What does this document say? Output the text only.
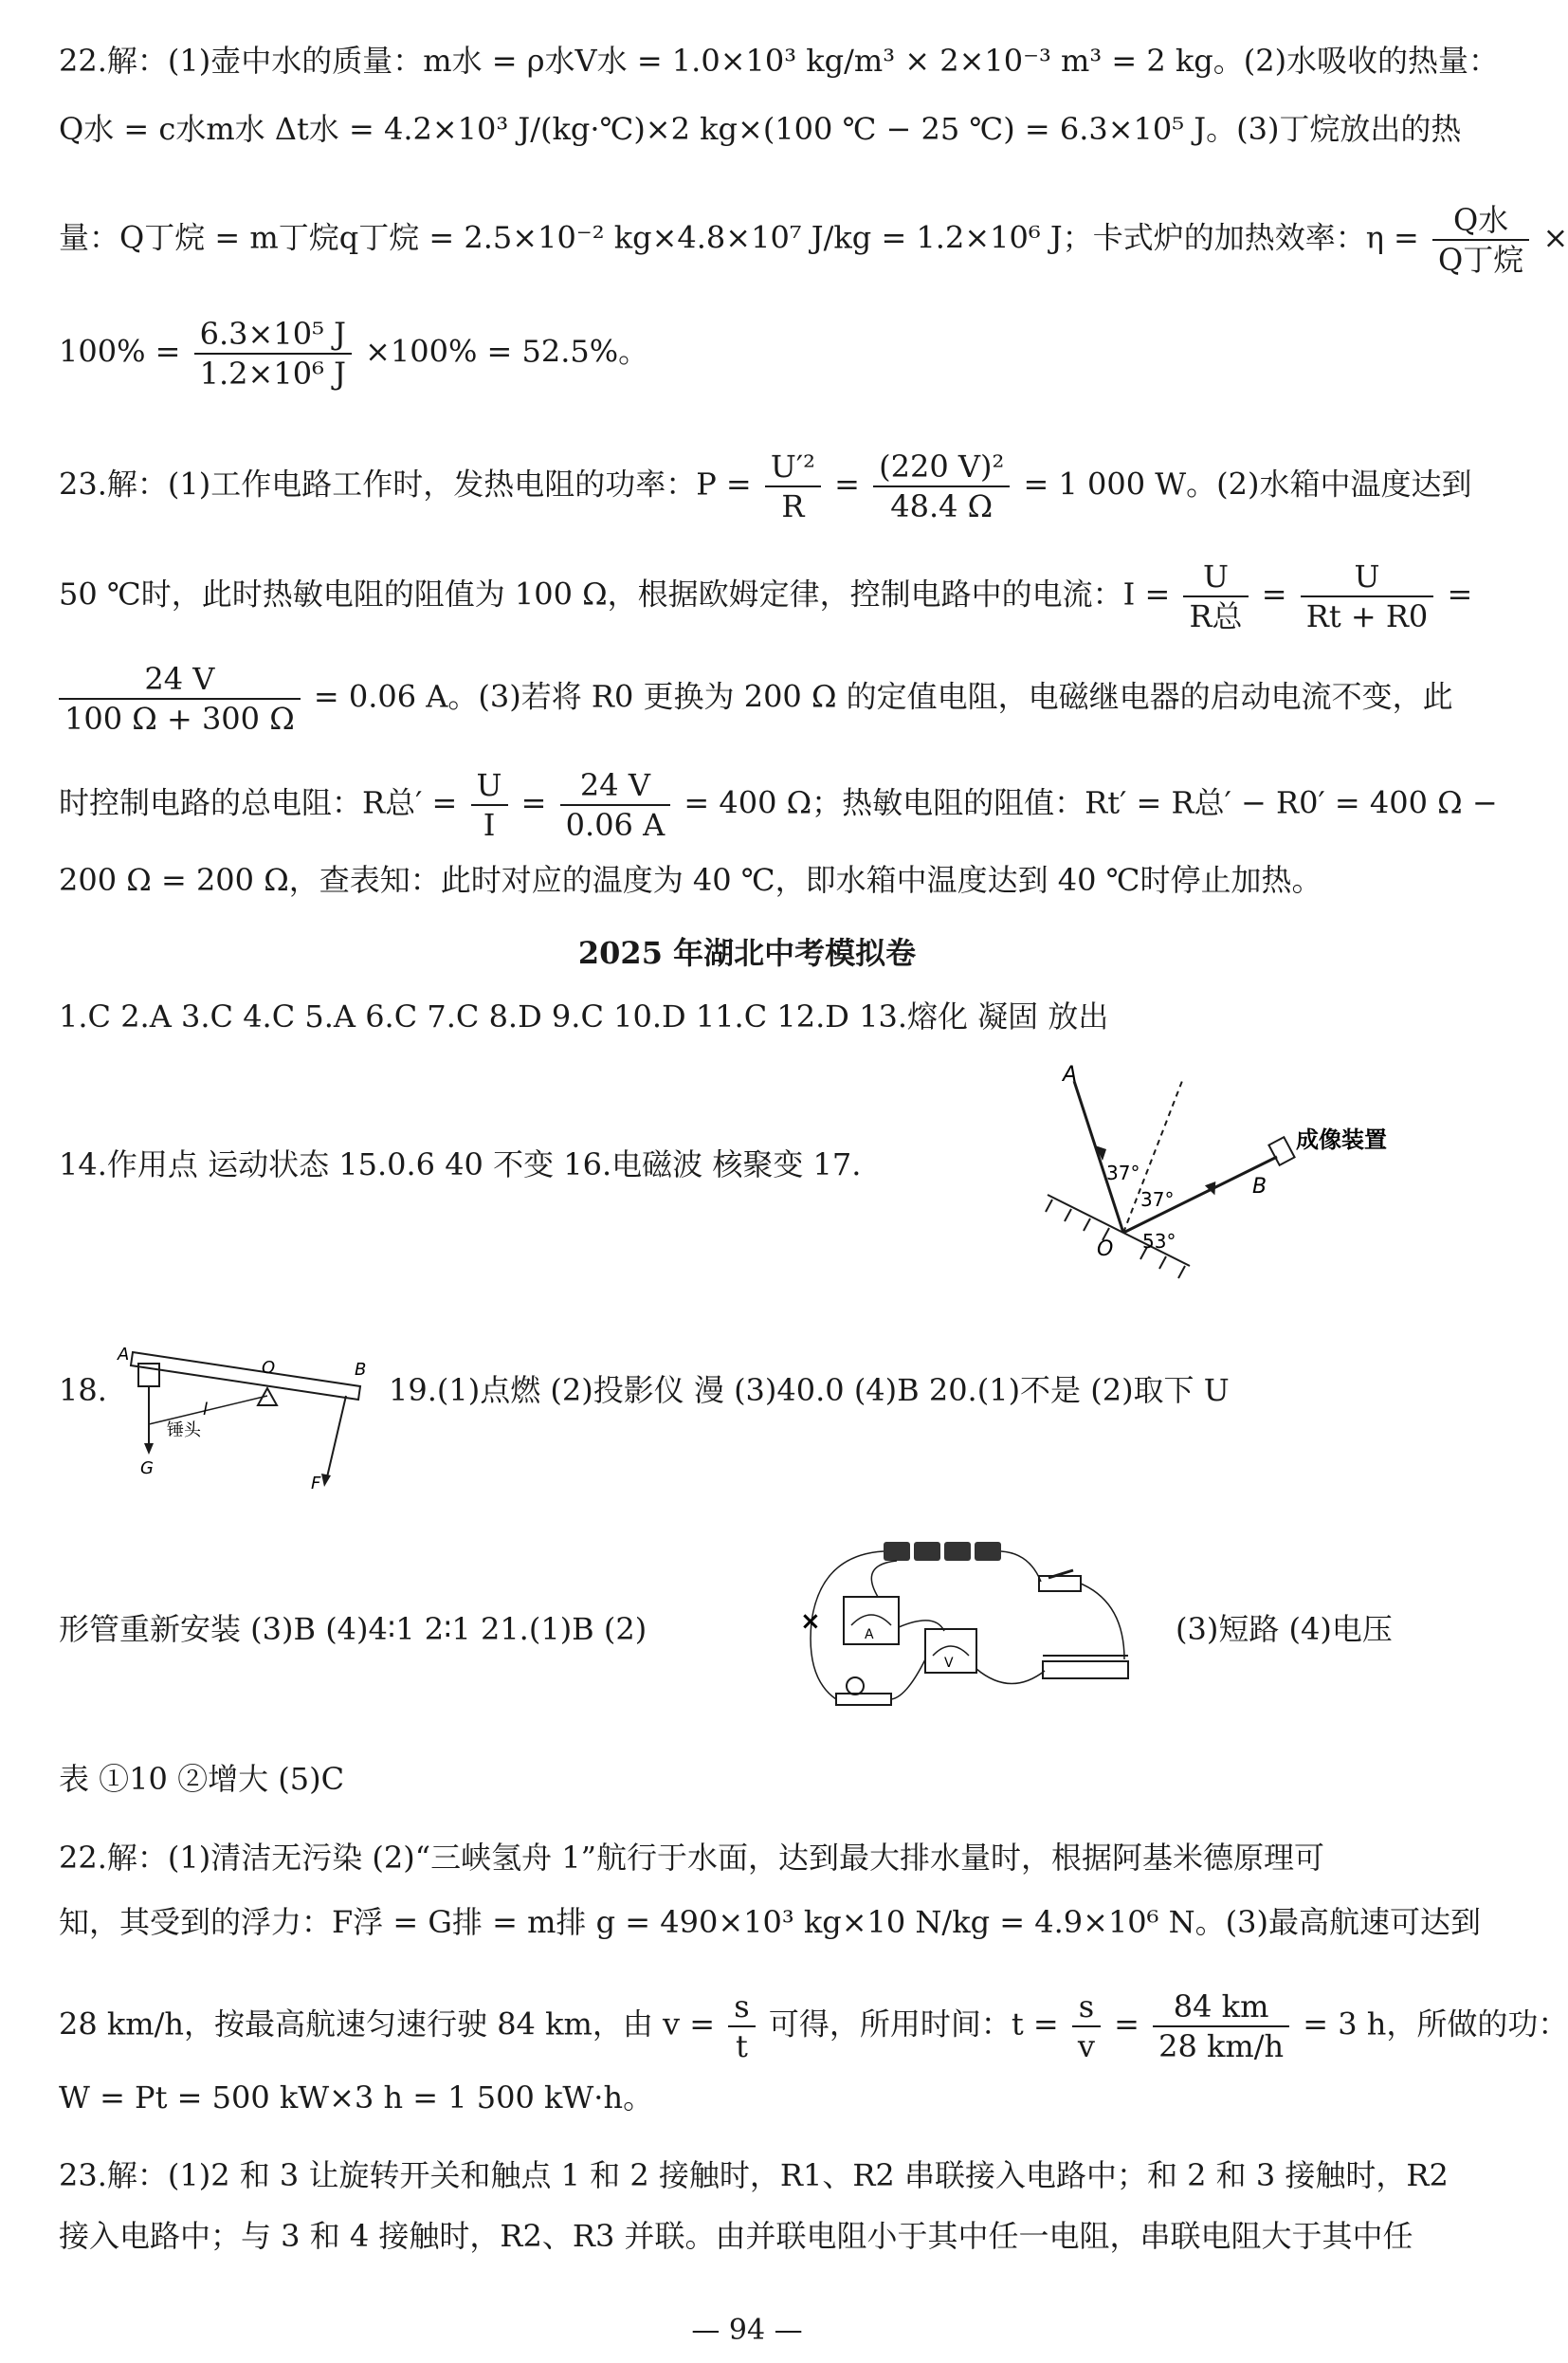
22.解：(1)壶中水的质量：m水 = ρ水V水 = 1.0×10³ kg/m³ × 2×10⁻³ m³ = 2 kg。(2)水吸收的热量：
Q水 = c水m水 Δt水 = 4.2×10³ J/(kg·℃)×2 kg×(100 ℃ − 25 ℃) = 6.3×10⁵ J。(3)丁烷放出的热
量：Q丁烷 = m丁烷q丁烷 = 2.5×10⁻² kg×4.8×10⁷ J/kg = 1.2×10⁶ J；卡式炉的加热效率：$\eta = \frac{\text{Q水}}{\text{Q丁烷}}$ ×
$100\% = \frac{\text{6.3×10⁵ J}}{\text{1.2×10⁶ J}} \times 100\% = 52.5\%$。
23.解：(1)工作电路工作时，发热电阻的功率：$P = \frac{\text{U′²}}{R} = \frac{\text{(220 V)²}}{48.4 \Omega} = 1$ 000 W。(2)水箱中温度达到
50 ℃时，此时热敏电阻的阻值为 100 Ω，根据欧姆定律，控制电路中的电流：$I = \frac{U}{\text{R总}} = \frac{U}{Rt + R0}$ =
$\frac{24 V}{100 \Omega + 300 \Omega} = 0.06$ A。(3)若将 R0 更换为 200 Ω 的定值电阻，电磁继电器的启动电流不变，此
时控制电路的总电阻：R总′ = $\frac{U}{I} = \frac{24 V}{0.06 A} = 400$ Ω；热敏电阻的阻值：Rt′ = R总′ − R0′ = 400 Ω −
200 Ω = 200 Ω，查表知：此时对应的温度为 40 ℃，即水箱中温度达到 40 ℃时停止加热。
2025 年湖北中考模拟卷
1.C 2.A 3.C 4.C 5.A 6.C 7.C 8.D 9.C 10.D 11.C 12.D 13.熔化 凝固 放出
14.作用点 运动状态 15.0.6 40 不变 16.电磁波 核聚变 17.
A
B
O
37°
37°
53°
成像装置
18.
A
O	B
l
锤头
G
F
19.(1)点燃 (2)投影仪 漫 (3)40.0 (4)B 20.(1)不是 (2)取下 U
形管重新安装 (3)B (4)4∶1 2∶1 21.(1)B (2)	A
V
×	(3)短路 (4)电压
表 ①10 ②增大 (5)C
22.解：(1)清洁无污染 (2)“三峡氢舟 1”航行于水面，达到最大排水量时，根据阿基米德原理可
知，其受到的浮力：F浮 = G排 = m排 g = 490×10³ kg×10 N/kg = 4.9×10⁶ N。(3)最高航速可达到
28 km/h，按最高航速匀速行驶 84 km，由 $v = \frac{s}{t}$ 可得，所用时间：$t = \frac{s}{v} = \frac{84 km}{28 km/h} = 3$ h，所做的功：
W = Pt = 500 kW×3 h = 1 500 kW·h。
23.解：(1)2 和 3 让旋转开关和触点 1 和 2 接触时，R1、R2 串联接入电路中；和 2 和 3 接触时，R2
接入电路中；与 3 和 4 接触时，R2、R3 并联。由并联电阻小于其中任一电阻，串联电阻大于其中任
— 94 —
